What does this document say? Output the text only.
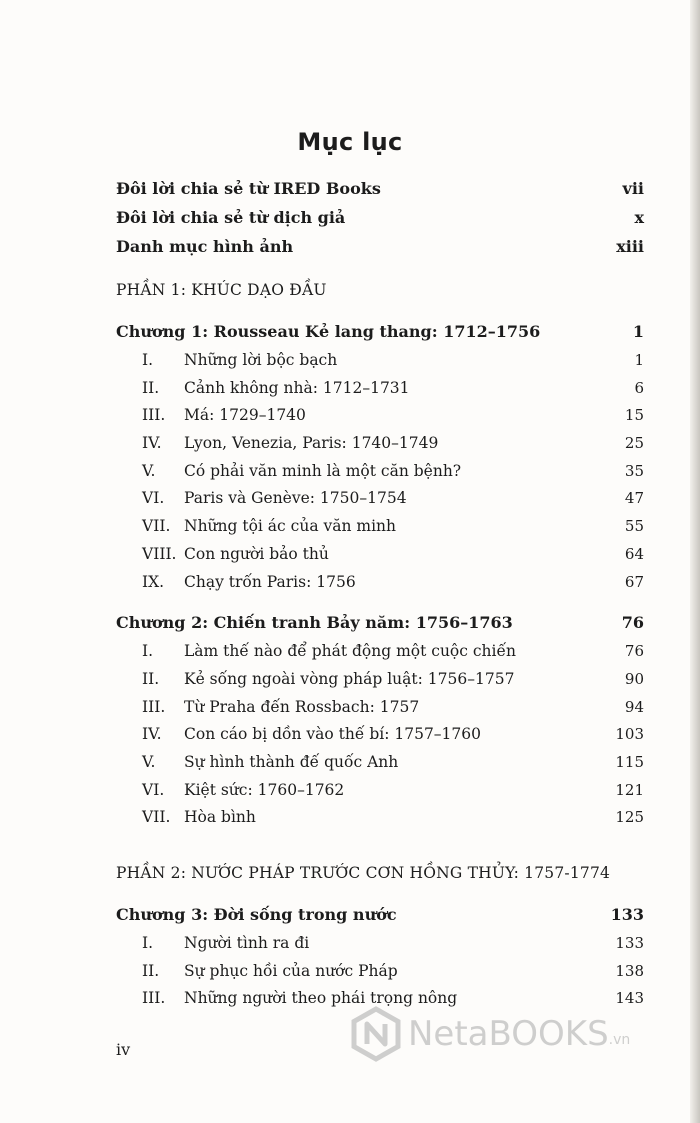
Mục lục
Đôi lời chia sẻ từ IRED Books	vii
Đôi lời chia sẻ từ dịch giả	x
Danh mục hình ảnh	xiii
PHẦN 1: KHÚC DẠO ĐẦU
Chương 1: Rousseau Kẻ lang thang: 1712–1756	1
I. Những lời bộc bạch	1
II. Cảnh không nhà: 1712–1731	6
III. Má: 1729–1740	15
IV. Lyon, Venezia, Paris: 1740–1749	25
V. Có phải văn minh là một căn bệnh?	35
VI. Paris và Genève: 1750–1754	47
VII. Những tội ác của văn minh	55
VIII. Con người bảo thủ	64
IX. Chạy trốn Paris: 1756	67
Chương 2: Chiến tranh Bảy năm: 1756–1763	76
I. Làm thế nào để phát động một cuộc chiến	76
II. Kẻ sống ngoài vòng pháp luật: 1756–1757	90
III. Từ Praha đến Rossbach: 1757	94
IV. Con cáo bị dồn vào thế bí: 1757–1760	103
V. Sự hình thành đế quốc Anh	115
VI. Kiệt sức: 1760–1762	121
VII. Hòa bình	125
PHẦN 2: NƯỚC PHÁP TRƯỚC CƠN HỒNG THỦY: 1757-1774
Chương 3: Đời sống trong nước	133
I. Người tình ra đi	133
II. Sự phục hồi của nước Pháp	138
III. Những người theo phái trọng nông	143
iv	NetaBOOKS .vn
